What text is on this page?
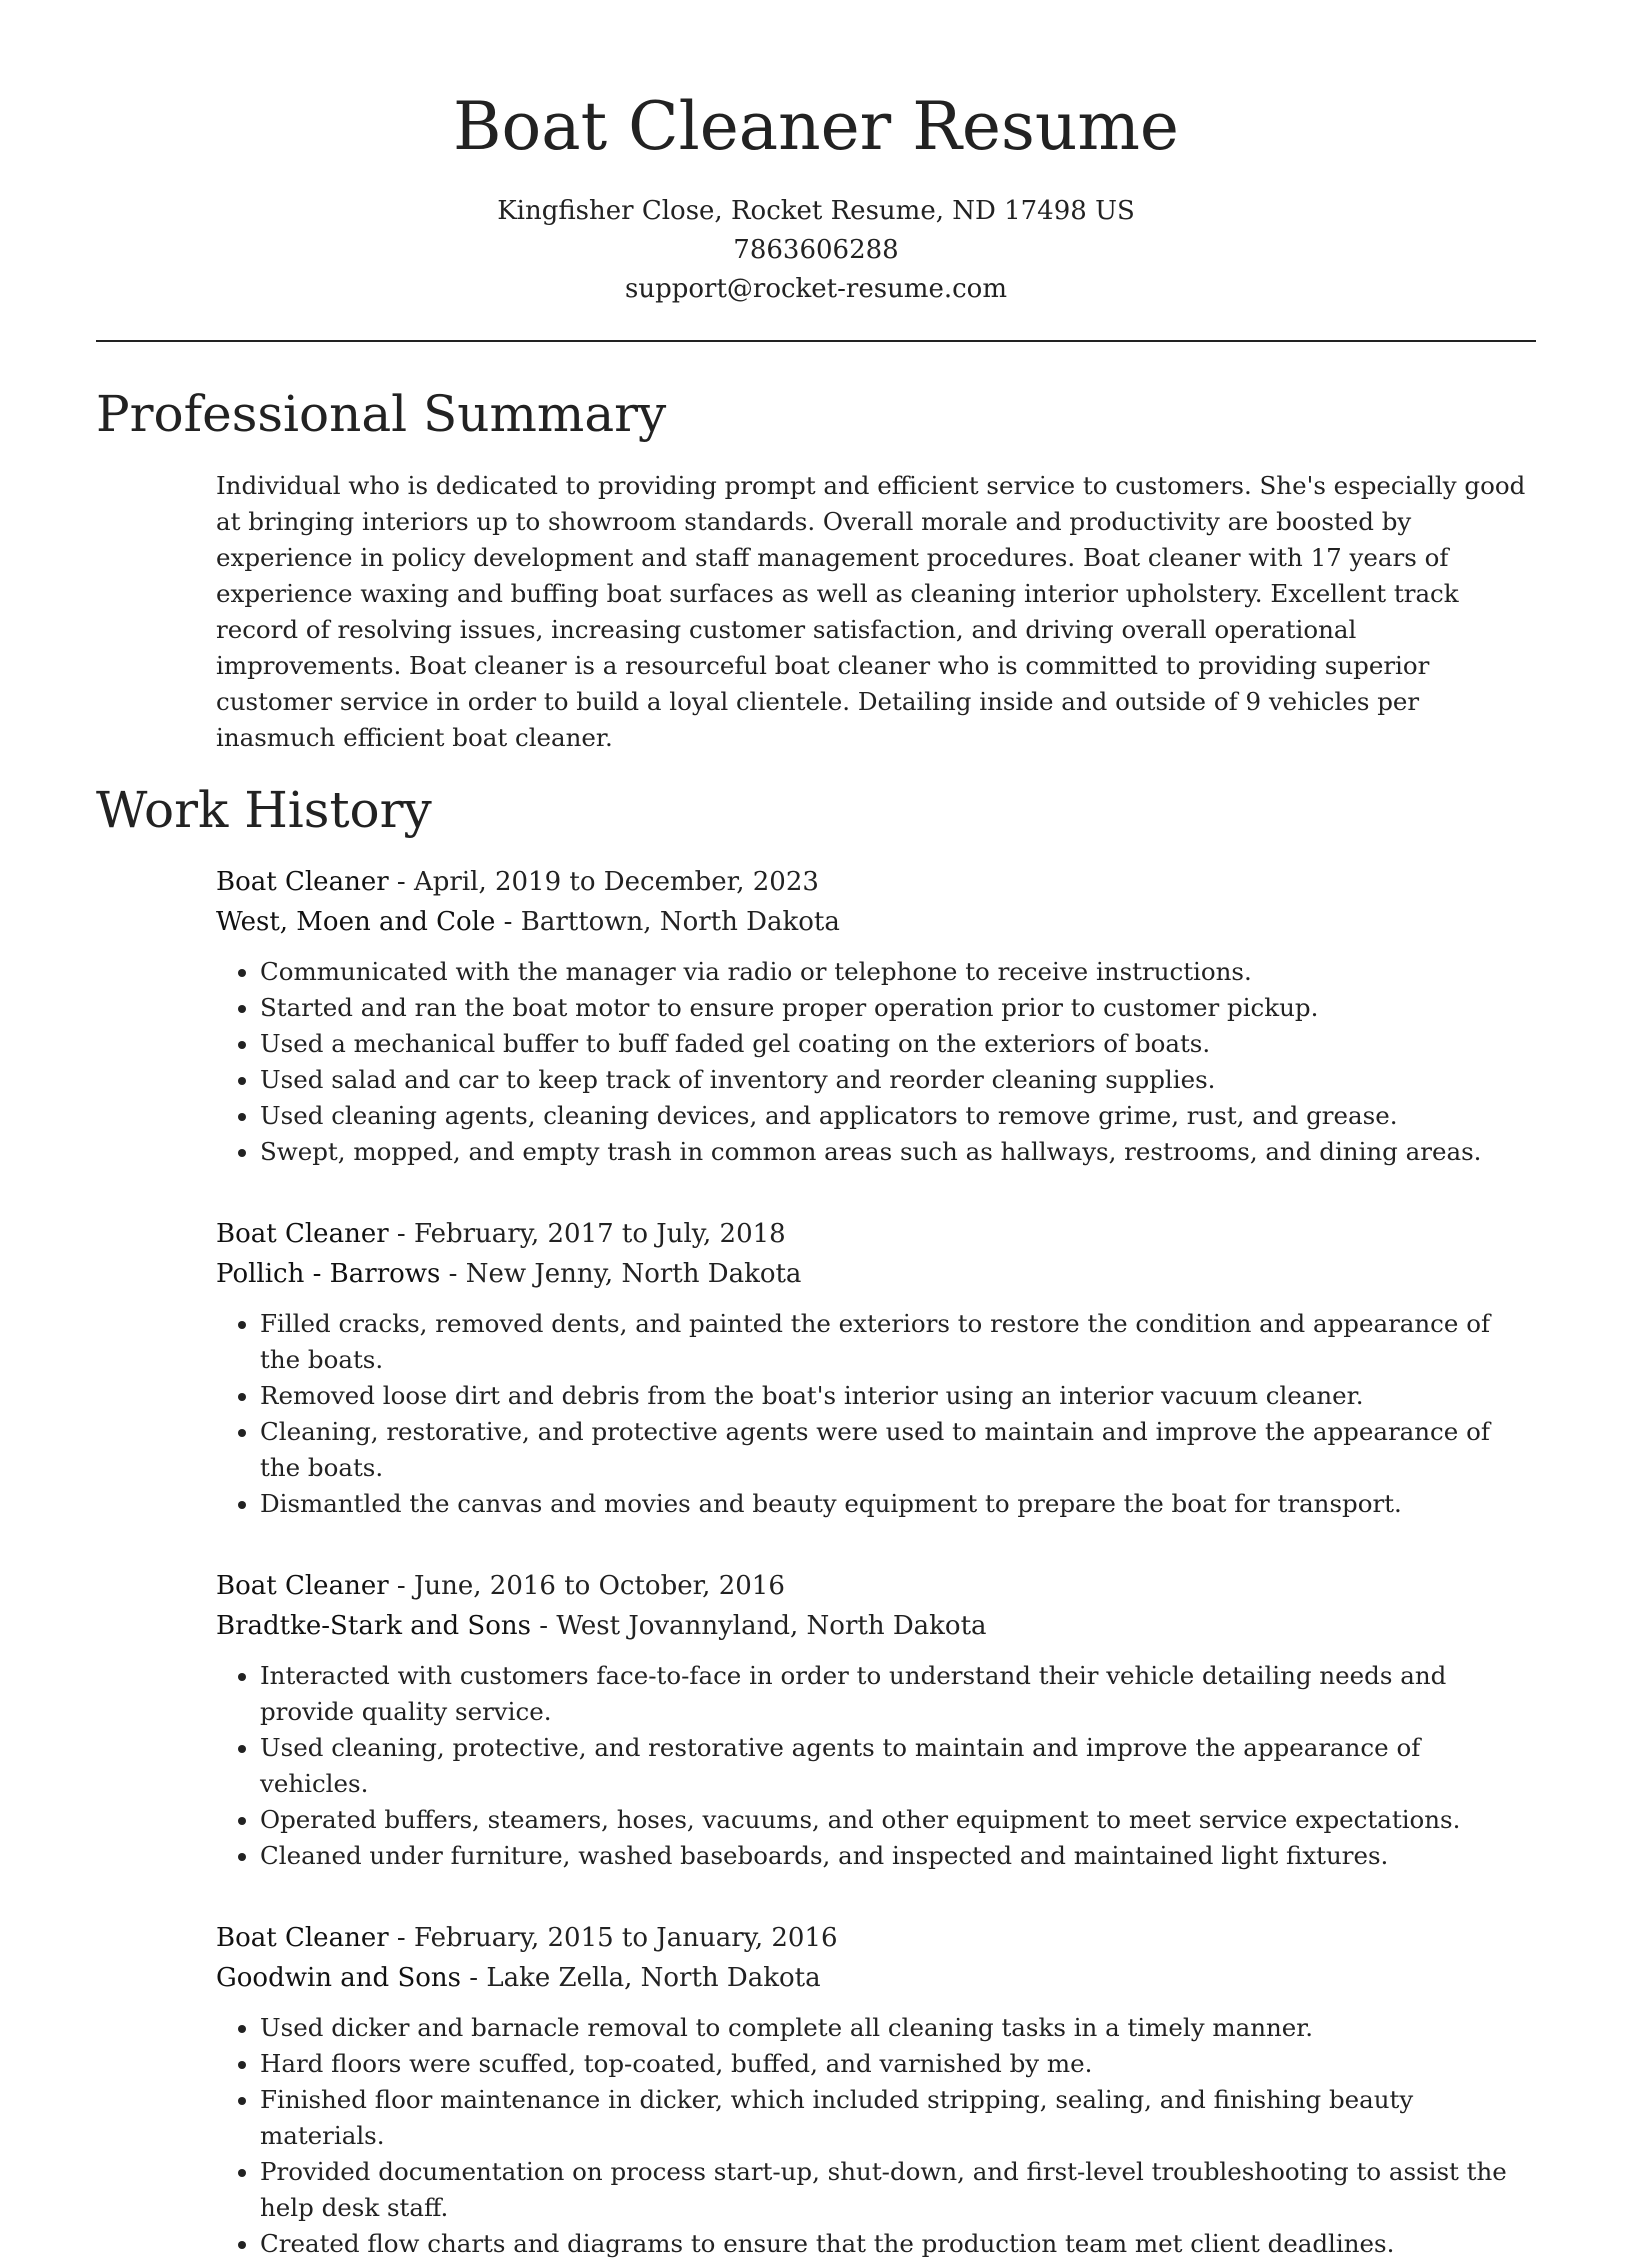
Boat Cleaner Resume
Kingfisher Close, Rocket Resume, ND 17498 US
7863606288
support@rocket-resume.com
Professional Summary

Individual who is dedicated to providing prompt and efficient service to customers. She's especially good at bringing interiors up to showroom standards. Overall morale and productivity are boosted by experience in policy development and staff management procedures. Boat cleaner with 17 years of experience waxing and buffing boat surfaces as well as cleaning interior upholstery. Excellent track record of resolving issues, increasing customer satisfaction, and driving overall operational improvements. Boat cleaner is a resourceful boat cleaner who is committed to providing superior customer service in order to build a loyal clientele. Detailing inside and outside of 9 vehicles per inasmuch efficient boat cleaner.

Work History
Boat Cleaner - April, 2019 to December, 2023
West, Moen and Cole - Barttown, North Dakota
• Communicated with the manager via radio or telephone to receive instructions.
• Started and ran the boat motor to ensure proper operation prior to customer pickup.
• Used a mechanical buffer to buff faded gel coating on the exteriors of boats.
• Used salad and car to keep track of inventory and reorder cleaning supplies.
• Used cleaning agents, cleaning devices, and applicators to remove grime, rust, and grease.
• Swept, mopped, and empty trash in common areas such as hallways, restrooms, and dining areas.
Boat Cleaner - February, 2017 to July, 2018
Pollich - Barrows - New Jenny, North Dakota
• Filled cracks, removed dents, and painted the exteriors to restore the condition and appearance of the boats.
• Removed loose dirt and debris from the boat's interior using an interior vacuum cleaner.
• Cleaning, restorative, and protective agents were used to maintain and improve the appearance of the boats.
• Dismantled the canvas and movies and beauty equipment to prepare the boat for transport.
Boat Cleaner - June, 2016 to October, 2016
Bradtke-Stark and Sons - West Jovannyland, North Dakota
• Interacted with customers face-to-face in order to understand their vehicle detailing needs and provide quality service.
• Used cleaning, protective, and restorative agents to maintain and improve the appearance of vehicles.
• Operated buffers, steamers, hoses, vacuums, and other equipment to meet service expectations.
• Cleaned under furniture, washed baseboards, and inspected and maintained light fixtures.
Boat Cleaner - February, 2015 to January, 2016
Goodwin and Sons - Lake Zella, North Dakota
• Used dicker and barnacle removal to complete all cleaning tasks in a timely manner.
• Hard floors were scuffed, top-coated, buffed, and varnished by me.
• Finished floor maintenance in dicker, which included stripping, sealing, and finishing beauty materials.
• Provided documentation on process start-up, shut-down, and first-level troubleshooting to assist the help desk staff.
• Created flow charts and diagrams to ensure that the production team met client deadlines.
